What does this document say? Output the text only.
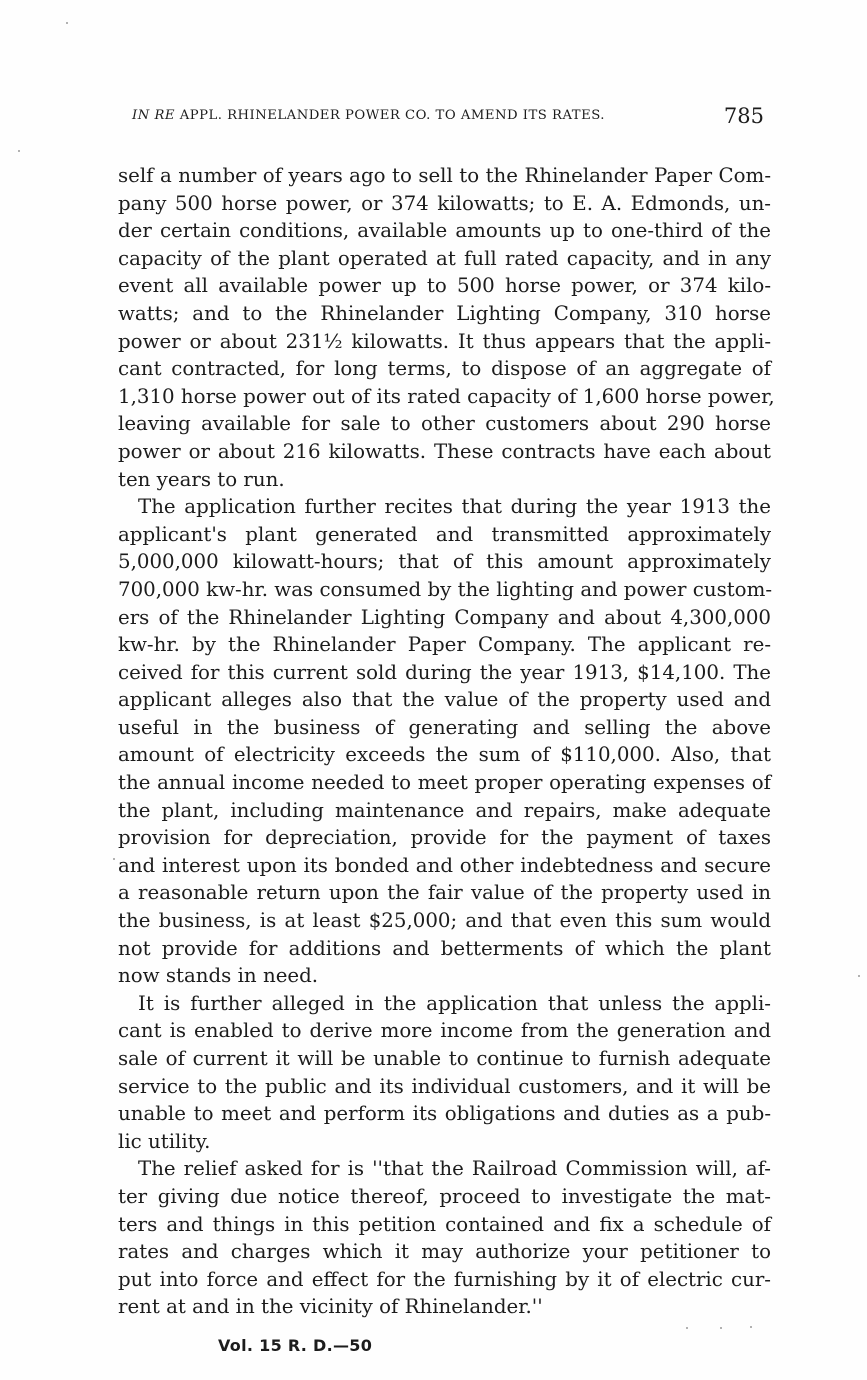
IN RE APPL. RHINELANDER POWER CO. TO AMEND ITS RATES.	785
self a number of years ago to sell to the Rhinelander Paper Com-
pany 500 horse power, or 374 kilowatts; to E. A. Edmonds, un-
der certain conditions, available amounts up to one-third of the
capacity of the plant operated at full rated capacity, and in any
event all available power up to 500 horse power, or 374 kilo-
watts; and to the Rhinelander Lighting Company, 310 horse
power or about 231½ kilowatts. It thus appears that the appli-
cant contracted, for long terms, to dispose of an aggregate of
1,310 horse power out of its rated capacity of 1,600 horse power,
leaving available for sale to other customers about 290 horse
power or about 216 kilowatts. These contracts have each about
ten years to run.
The application further recites that during the year 1913 the
applicant's plant generated and transmitted approximately
5,000,000 kilowatt-hours; that of this amount approximately
700,000 kw-hr. was consumed by the lighting and power custom-
ers of the Rhinelander Lighting Company and about 4,300,000
kw-hr. by the Rhinelander Paper Company. The applicant re-
ceived for this current sold during the year 1913, $14,100. The
applicant alleges also that the value of the property used and
useful in the business of generating and selling the above
amount of electricity exceeds the sum of $110,000. Also, that
the annual income needed to meet proper operating expenses of
the plant, including maintenance and repairs, make adequate
provision for depreciation, provide for the payment of taxes
and interest upon its bonded and other indebtedness and secure
a reasonable return upon the fair value of the property used in
the business, is at least $25,000; and that even this sum would
not provide for additions and betterments of which the plant
now stands in need.
It is further alleged in the application that unless the appli-
cant is enabled to derive more income from the generation and
sale of current it will be unable to continue to furnish adequate
service to the public and its individual customers, and it will be
unable to meet and perform its obligations and duties as a pub-
lic utility.
The relief asked for is ''that the Railroad Commission will, af-
ter giving due notice thereof, proceed to investigate the mat-
ters and things in this petition contained and fix a schedule of
rates and charges which it may authorize your petitioner to
put into force and effect for the furnishing by it of electric cur-
rent at and in the vicinity of Rhinelander.''
Vol. 15 R. D.—50
